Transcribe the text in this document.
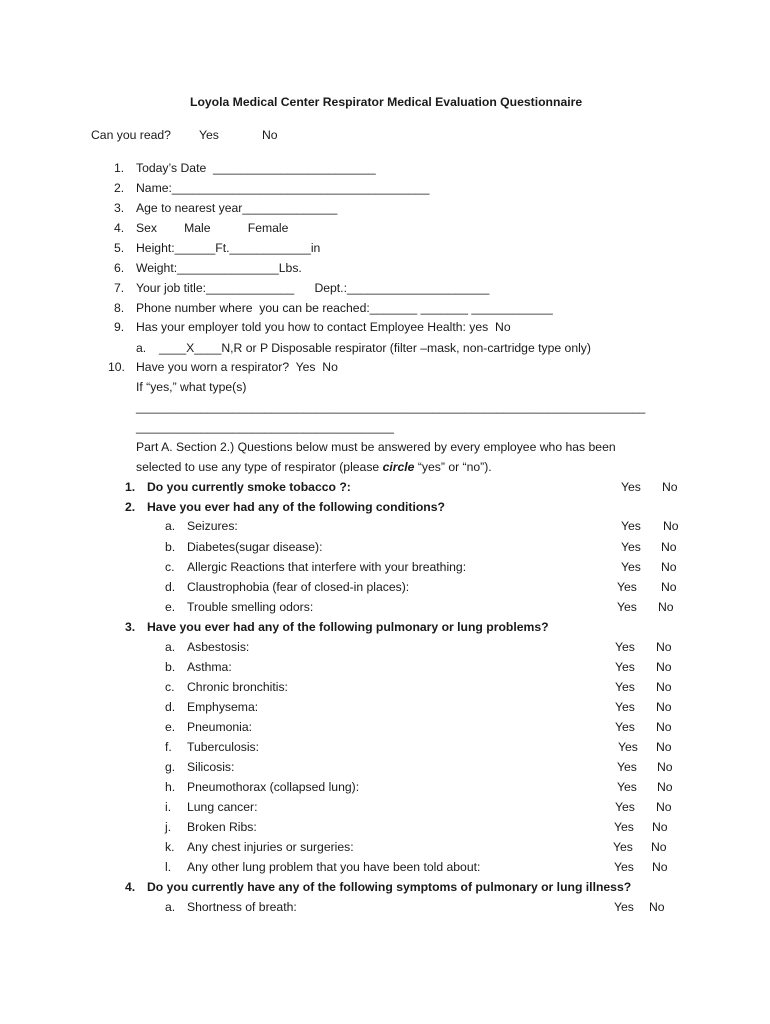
Loyola Medical Center Respirator Medical Evaluation Questionnaire
Can you read? Yes	No
1. Today’s Date  ________________________
2. Name:______________________________________
3. Age to nearest year______________
4. Sex        Male           Female
5. Height:______Ft.____________in
6. Weight:_______________Lbs.
7. Your job title:_____________      Dept.:_____________________
8. Phone number where  you can be reached:_______ _______ ____________
9. Has your employer told you how to contact Employee Health: yes  No
a. ____X____N,R or P Disposable respirator (filter –mask, non-cartridge type only)
10. Have you worn a respirator?  Yes  No
If “yes,” what type(s)
_______________________________________________________________________________
________________________________________
Part A. Section 2.) Questions below must be answered by every employee who has been
selected to use any type of respirator (please circle “yes” or “no”).
1. Do you currently smoke tobacco ?:	Yes No
2. Have you ever had any of the following conditions?
a. Seizures:	Yes No
b. Diabetes(sugar disease):	Yes No
c. Allergic Reactions that interfere with your breathing:	Yes No
d. Claustrophobia (fear of closed-in places):	Yes No
e. Trouble smelling odors:	Yes No
3. Have you ever had any of the following pulmonary or lung problems?
a. Asbestosis:	Yes No
b. Asthma:	Yes No
c. Chronic bronchitis:	Yes No
d. Emphysema:	Yes No
e. Pneumonia:	Yes No
f. Tuberculosis:	Yes No
g. Silicosis:	Yes No
h. Pneumothorax (collapsed lung):	Yes No
i. Lung cancer:	Yes No
j. Broken Ribs:	Yes No
k. Any chest injuries or surgeries:	Yes No
l. Any other lung problem that you have been told about:	Yes No
4. Do you currently have any of the following symptoms of pulmonary or lung illness?
a. Shortness of breath:	Yes No
